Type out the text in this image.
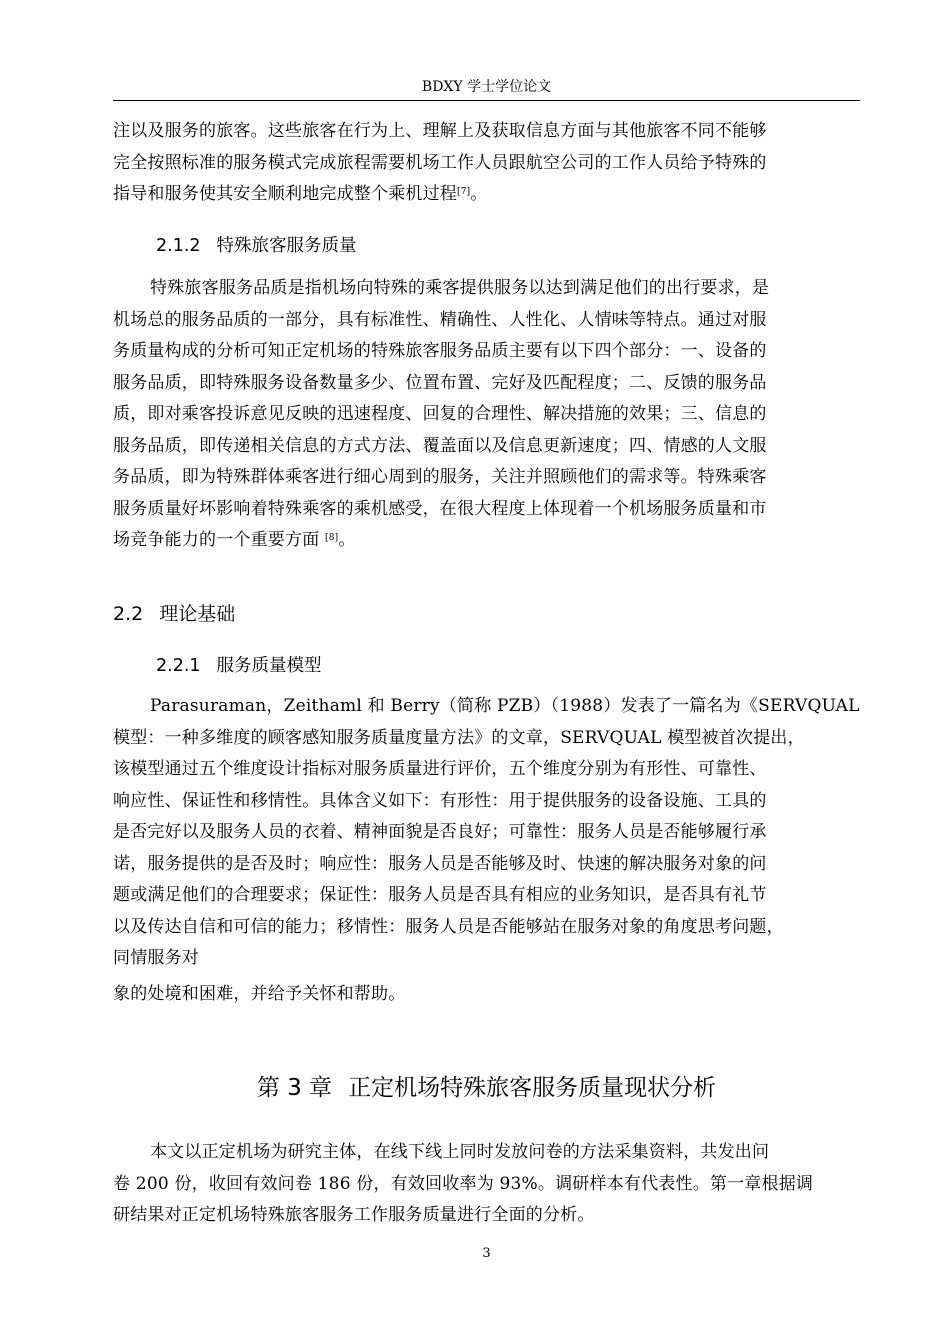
BDXY 学士学位论文
注以及服务的旅客。这些旅客在行为上、理解上及获取信息方面与其他旅客不同不能够
完全按照标准的服务模式完成旅程需要机场工作人员跟航空公司的工作人员给予特殊的
指导和服务使其安全顺利地完成整个乘机过程[7]。
2.1.2 特殊旅客服务质量
特殊旅客服务品质是指机场向特殊的乘客提供服务以达到满足他们的出行要求，是
机场总的服务品质的一部分，具有标准性、精确性、人性化、人情味等特点。通过对服
务质量构成的分析可知正定机场的特殊旅客服务品质主要有以下四个部分：一、设备的
服务品质，即特殊服务设备数量多少、位置布置、完好及匹配程度；二、反馈的服务品
质，即对乘客投诉意见反映的迅速程度、回复的合理性、解决措施的效果；三、信息的
服务品质，即传递相关信息的方式方法、覆盖面以及信息更新速度；四、情感的人文服
务品质，即为特殊群体乘客进行细心周到的服务，关注并照顾他们的需求等。特殊乘客
服务质量好坏影响着特殊乘客的乘机感受，在很大程度上体现着一个机场服务质量和市
场竞争能力的一个重要方面 [8]。
2.2 理论基础
2.2.1 服务质量模型
Parasuraman，Zeithaml 和 Berry（简称 PZB）（1988）发表了一篇名为《SERVQUAL
模型：一种多维度的顾客感知服务质量度量方法》的文章，SERVQUAL 模型被首次提出，
该模型通过五个维度设计指标对服务质量进行评价，五个维度分别为有形性、可靠性、
响应性、保证性和移情性。具体含义如下：有形性：用于提供服务的设备设施、工具的
是否完好以及服务人员的衣着、精神面貌是否良好；可靠性：服务人员是否能够履行承
诺，服务提供的是否及时；响应性：服务人员是否能够及时、快速的解决服务对象的问
题或满足他们的合理要求；保证性：服务人员是否具有相应的业务知识，是否具有礼节
以及传达自信和可信的能力；移情性：服务人员是否能够站在服务对象的角度思考问题，
同情服务对
象的处境和困难，并给予关怀和帮助。
第 3 章 正定机场特殊旅客服务质量现状分析
本文以正定机场为研究主体，在线下线上同时发放问卷的方法采集资料，共发出问
卷 200 份，收回有效问卷 186 份，有效回收率为 93%。调研样本有代表性。第一章根据调
研结果对正定机场特殊旅客服务工作服务质量进行全面的分析。
3
